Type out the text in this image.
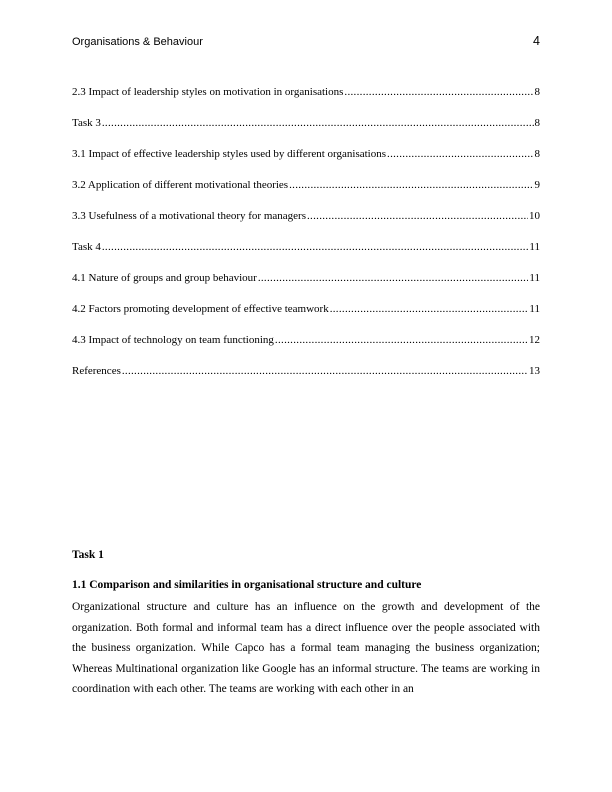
Organisations & Behaviour	4
2.3 Impact of leadership styles on motivation in organisations .....	8
Task 3 .....	8
3.1 Impact of effective leadership styles used by different organisations .....	8
3.2 Application of different motivational theories .....	9
3.3 Usefulness of a motivational theory for managers .....	10
Task 4 .....	11
4.1 Nature of groups and group behaviour .....	11
4.2 Factors promoting development of effective teamwork .....	11
4.3 Impact of technology on team functioning .....	12
References .....	13
Task 1
1.1 Comparison and similarities in organisational structure and culture

Organizational structure and culture has an influence on the growth and development of the organization. Both formal and informal team has a direct influence over the people associated with the business organization. While Capco has a formal team managing the business organization; Whereas Multinational organization like Google has an informal structure. The teams are working in coordination with each other. The teams are working with each other in an
